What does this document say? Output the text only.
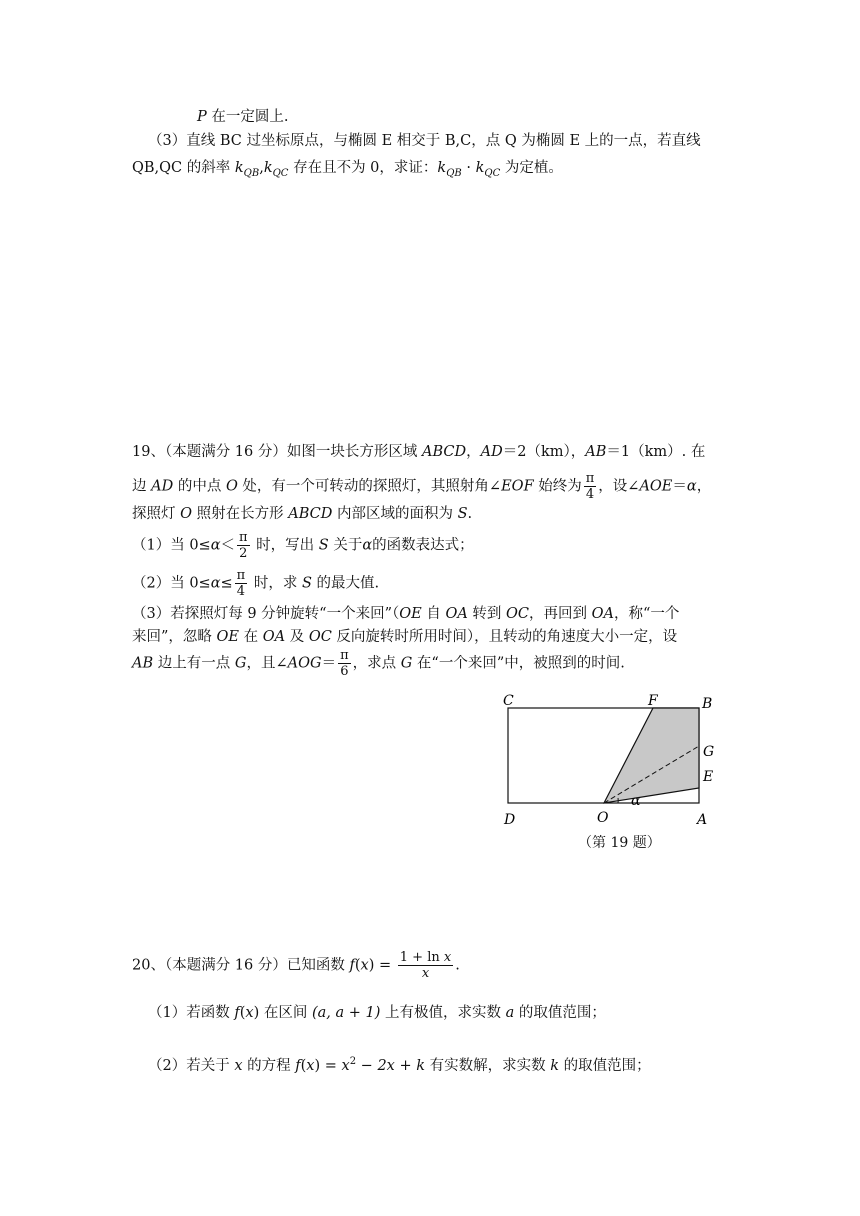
P 在一定圆上.
（3）直线 BC 过坐标原点，与椭圆 E 相交于 B,C，点 Q 为椭圆 E 上的一点，若直线
QB,QC 的斜率 $k_{QB},k_{QC}$ 存在且不为 0，求证：$k_{QB} \cdot k_{QC}$ 为定植。
19、（本题满分 16 分）如图一块长方形区域 ABCD，AD＝2（km），AB＝1（km）. 在
边 AD 的中点 O 处，有一个可转动的探照灯，其照射角∠EOF 始终为 $\frac{\pi}{4}$ ，设∠AOE＝α，
探照灯 O 照射在长方形 ABCD 内部区域的面积为 S.
（1）当 $0\le\alpha< \frac{\pi}{2}$ 时，写出 S 关于α的函数表达式；
（2）当 $0\le\alpha\le \frac{\pi}{4}$ 时，求 S 的最大值.
（3）若探照灯每 9 分钟旋转“一个来回”（OE 自 OA 转到 OC，再回到 OA，称“一个
来回”，忽略 OE 在 OA 及 OC 反向旋转时所用时间），且转动的角速度大小一定，设
AB 边上有一点 G，且∠AOG＝ $\frac{\pi}{6}$ ，求点 G 在“一个来回”中，被照到的时间.
C	F	B
G
E
D	O	A
α
（第 19 题）
20、（本题满分 16 分）已知函数 $f(x) = \frac{\text{1 + ln x}}{x}$ .
（1）若函数 f(x) 在区间 (a, a + 1) 上有极值，求实数 a 的取值范围；
（2）若关于 x 的方程 $f(x) = x^2 - 2x + k$ 有实数解，求实数 k 的取值范围；
